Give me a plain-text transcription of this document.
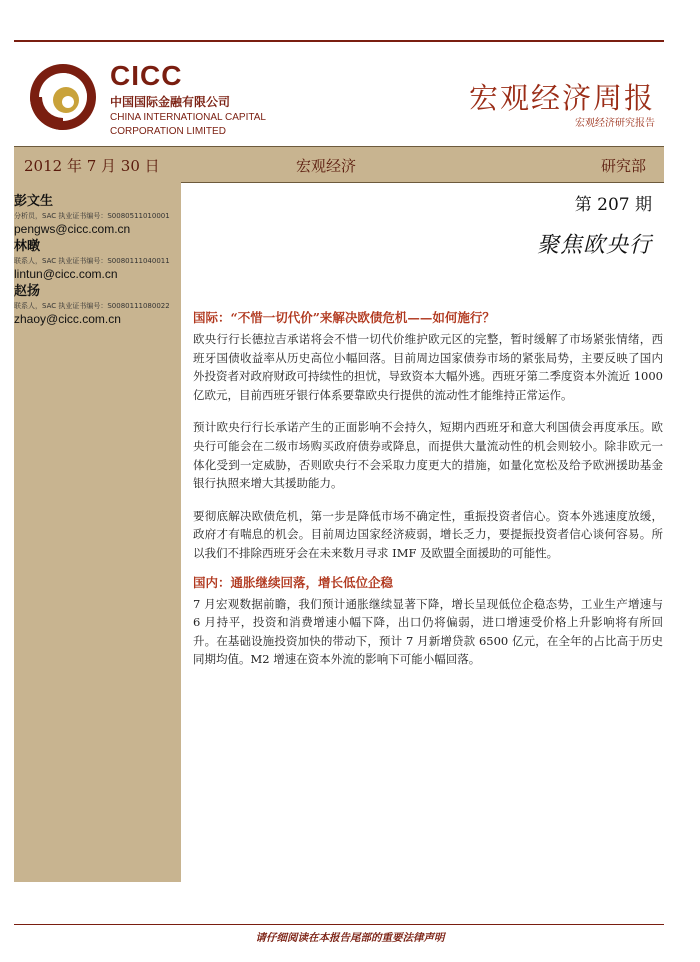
CICC
中国国际金融有限公司
CHINA INTERNATIONAL CAPITAL
CORPORATION LIMITED
宏观经济周报
宏观经济研究报告
2012 年 7 月 30 日	宏观经济	研究部
彭文生
分析员，SAC 执业证书编号：S0080511010001
pengws@cicc.com.cn
林暾
联系人，SAC 执业证书编号：S0080111040011
lintun@cicc.com.cn
赵扬
联系人，SAC 执业证书编号：S0080111080022
zhaoy@cicc.com.cn
第 207 期
聚焦欧央行
国际：“不惜一切代价”来解决欧债危机——如何施行？

欧央行行长德拉吉承诺将会不惜一切代价维护欧元区的完整，暂时缓解了市场紧张情绪，西班牙国债收益率从历史高位小幅回落。目前周边国家债券市场的紧张局势，主要反映了国内外投资者对政府财政可持续性的担忧，导致资本大幅外逃。西班牙第二季度资本外流近 1000 亿欧元，目前西班牙银行体系要靠欧央行提供的流动性才能维持正常运作。

预计欧央行行长承诺产生的正面影响不会持久，短期内西班牙和意大利国债会再度承压。欧央行可能会在二级市场购买政府债券或降息，而提供大量流动性的机会则较小。除非欧元一体化受到一定威胁，否则欧央行不会采取力度更大的措施，如量化宽松及给予欧洲援助基金银行执照来增大其援助能力。

要彻底解决欧债危机，第一步是降低市场不确定性，重振投资者信心。资本外逃速度放缓，政府才有喘息的机会。目前周边国家经济疲弱，增长乏力，要提振投资者信心谈何容易。所以我们不排除西班牙会在未来数月寻求 IMF 及欧盟全面援助的可能性。

国内：通胀继续回落，增长低位企稳

7 月宏观数据前瞻，我们预计通胀继续显著下降，增长呈现低位企稳态势，工业生产增速与 6 月持平，投资和消费增速小幅下降，出口仍将偏弱，进口增速受价格上升影响将有所回升。在基础设施投资加快的带动下，预计 7 月新增贷款 6500 亿元，在全年的占比高于历史同期均值。M2 增速在资本外流的影响下可能小幅回落。

请仔细阅读在本报告尾部的重要法律声明
